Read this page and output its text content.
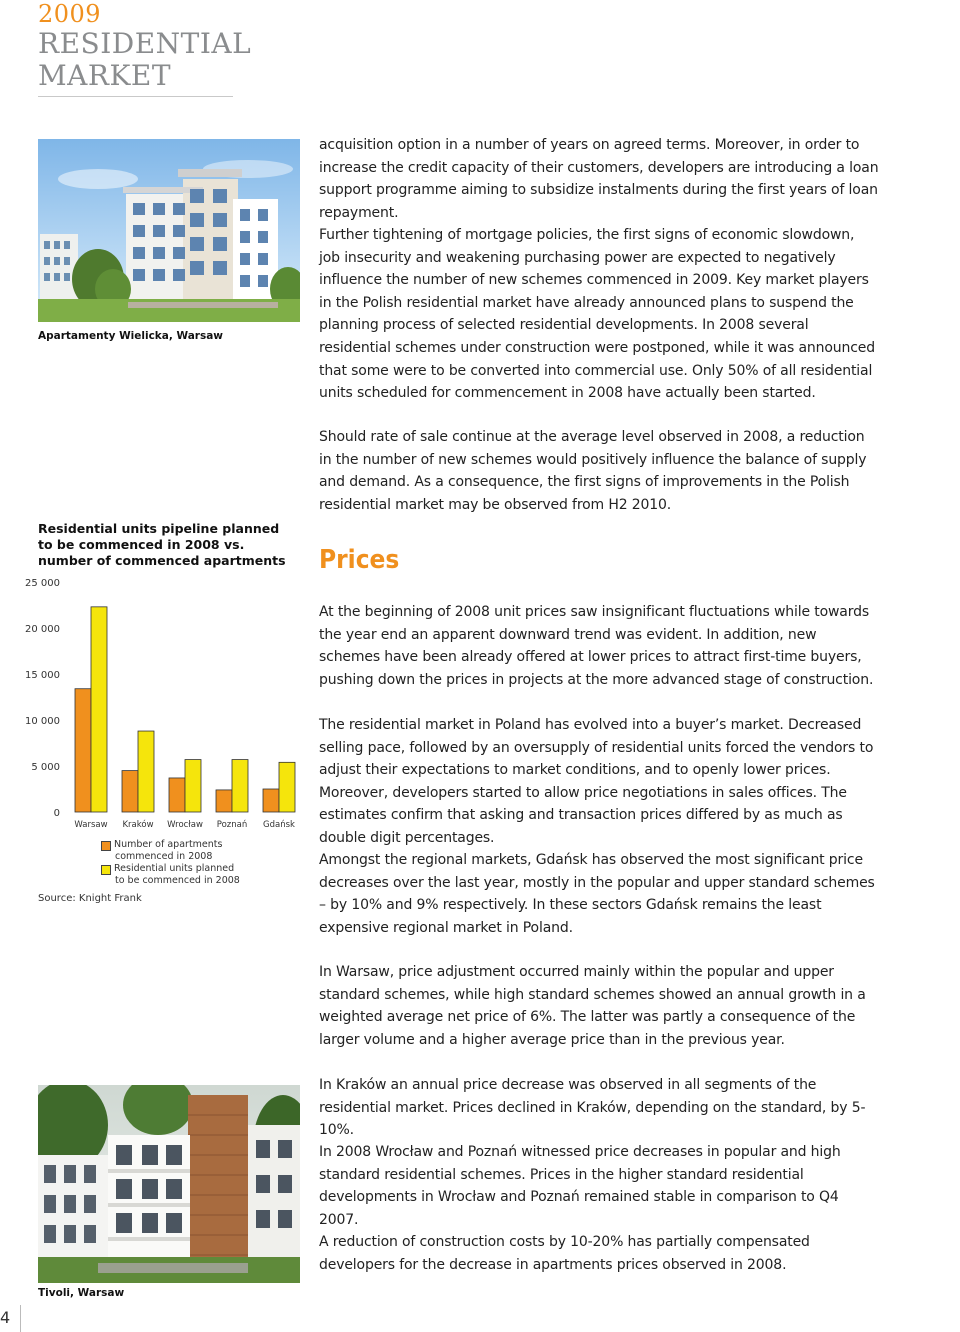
2009
RESIDENTIAL
MARKET
Apartamenty Wielicka, Warsaw
Residential units pipeline planned to be commenced in 2008 vs. number of commenced apartments
25 000
20 000
15 000
10 000
5 000
0
Warsaw Kraków Wrocław Poznań Gdańsk
Number of apartments
commenced in 2008
Residential units planned
to be commenced in 2008
Source: Knight Frank
acquisition option in a number of years on agreed terms. Moreover, in order to increase the credit capacity of their customers, developers are introducing a loan support programme aiming to subsidize instalments during the first years of loan repayment.
Further tightening of mortgage policies, the first signs of economic slowdown, job insecurity and weakening purchasing power are expected to negatively influence the number of new schemes commenced in 2009. Key market players in the Polish residential market have already announced plans to suspend the planning process of selected residential developments. In 2008 several residential schemes under construction were postponed, while it was announced that some were to be converted into commercial use. Only 50% of all residential units scheduled for commencement in 2008 have actually been started.
Should rate of sale continue at the average level observed in 2008, a reduction in the number of new schemes would positively influence the balance of supply and demand. As a consequence, the first signs of improvements in the Polish residential market may be observed from H2 2010.
Prices
At the beginning of 2008 unit prices saw insignificant fluctuations while towards the year end an apparent downward trend was evident. In addition, new schemes have been already offered at lower prices to attract first-time buyers, pushing down the prices in projects at the more advanced stage of construction.
The residential market in Poland has evolved into a buyer’s market. Decreased selling pace, followed by an oversupply of residential units forced the vendors to adjust their expectations to market conditions, and to openly lower prices. Moreover, developers started to allow price negotiations in sales offices. The estimates confirm that asking and transaction prices differed by as much as double digit percentages.
Amongst the regional markets, Gdańsk has observed the most significant price decreases over the last year, mostly in the popular and upper standard schemes – by 10% and 9% respectively. In these sectors Gdańsk remains the least expensive regional market in Poland.
In Warsaw, price adjustment occurred mainly within the popular and upper standard schemes, while high standard schemes showed an annual growth in a weighted average net price of 6%. The latter was partly a consequence of the larger volume and a higher average price than in the previous year.
In Kraków an annual price decrease was observed in all segments of the residential market. Prices declined in Kraków, depending on the standard, by 5-10%.
In 2008 Wrocław and Poznań witnessed price decreases in popular and high standard residential schemes. Prices in the higher standard residential developments in Wrocław and Poznań remained stable in comparison to Q4 2007.
A reduction of construction costs by 10-20% has partially compensated developers for the decrease in apartments prices observed in 2008.
Tivoli, Warsaw
4
